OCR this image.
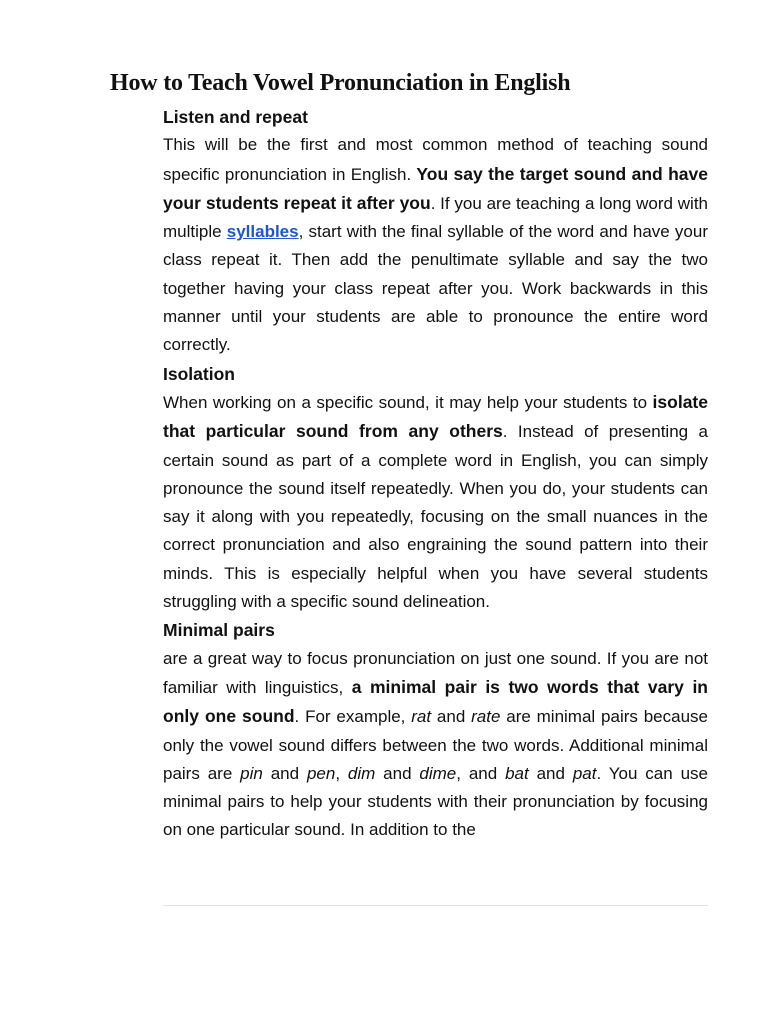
How to Teach Vowel Pronunciation in English
Listen and repeat

This will be the first and most common method of teaching sound specific pronunciation in English. You say the target sound and have your students repeat it after you. If you are teaching a long word with multiple syllables, start with the final syllable of the word and have your class repeat it. Then add the penultimate syllable and say the two together having your class repeat after you. Work backwards in this manner until your students are able to pronounce the entire word correctly.

Isolation

When working on a specific sound, it may help your students to isolate that particular sound from any others. Instead of presenting a certain sound as part of a complete word in English, you can simply pronounce the sound itself repeatedly. When you do, your students can say it along with you repeatedly, focusing on the small nuances in the correct pronunciation and also engraining the sound pattern into their minds. This is especially helpful when you have several students struggling with a specific sound delineation.

Minimal pairs

are a great way to focus pronunciation on just one sound. If you are not familiar with linguistics, a minimal pair is two words that vary in only one sound. For example, rat and rate are minimal pairs because only the vowel sound differs between the two words. Additional minimal pairs are pin and pen, dim and dime, and bat and pat. You can use minimal pairs to help your students with their pronunciation by focusing on one particular sound. In addition to the
